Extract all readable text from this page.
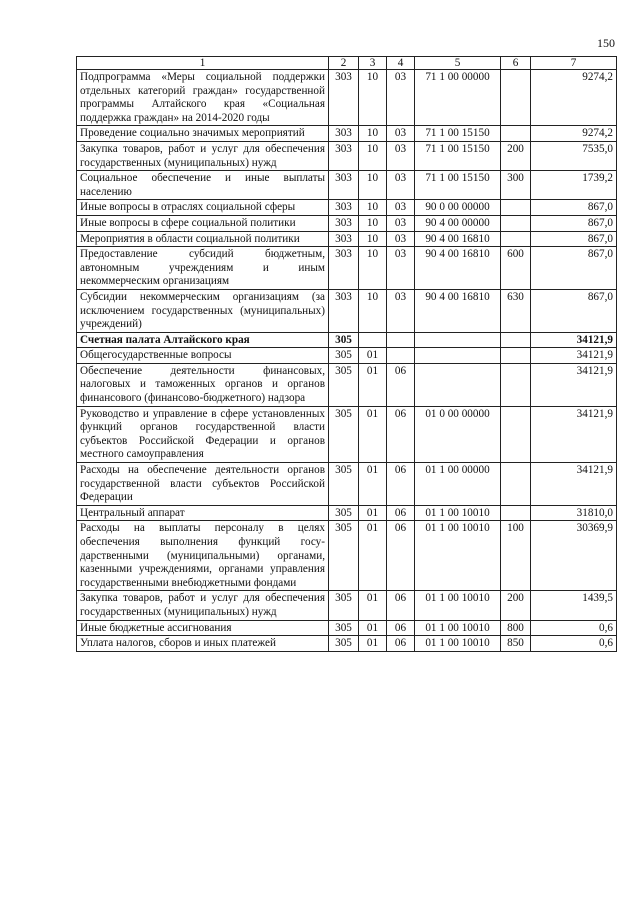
150
1	2	3	4	5	6	7
Подпрограмма «Меры социальной поддержки отдельных категорий граждан» государственной программы Алтайского края «Социальная поддержка граждан» на 2014-2020 годы	303	10	03	71 1 00 00000		9274,2
Проведение социально значимых мероприятий	303	10	03	71 1 00 15150		9274,2
Закупка товаров, работ и услуг для обеспечения государственных (муниципальных) нужд	303	10	03	71 1 00 15150	200	7535,0
Социальное обеспечение и иные выплаты населению	303	10	03	71 1 00 15150	300	1739,2
Иные вопросы в отраслях социальной сферы	303	10	03	90 0 00 00000		867,0
Иные вопросы в сфере социальной политики	303	10	03	90 4 00 00000		867,0
Мероприятия в области социальной политики	303	10	03	90 4 00 16810		867,0
Предоставление субсидий бюджетным, автономным учреждениям и иным некоммерческим организациям	303	10	03	90 4 00 16810	600	867,0
Субсидии некоммерческим организациям (за исключением государственных (муниципальных) учреждений)	303	10	03	90 4 00 16810	630	867,0
Счетная палата Алтайского края	305					34121,9
Общегосударственные вопросы	305	01				34121,9
Обеспечение деятельности финансовых, налоговых и таможенных органов и органов финансового (финансово-бюджетного) надзора	305	01	06			34121,9
Руководство и управление в сфере установленных функций органов государственной власти субъектов Российской Федерации и органов местного самоуправления	305	01	06	01 0 00 00000		34121,9
Расходы на обеспечение деятельности органов государственной власти субъектов Российской Федерации	305	01	06	01 1 00 00000		34121,9
Центральный аппарат	305	01	06	01 1 00 10010		31810,0
Расходы на выплаты персоналу в целях обеспечения выполнения функций государственными (муниципальными) органами, казенными учреждениями, органами управления государственными внебюджетными фондами	305	01	06	01 1 00 10010	100	30369,9
Закупка товаров, работ и услуг для обеспечения государственных (муниципальных) нужд	305	01	06	01 1 00 10010	200	1439,5
Иные бюджетные ассигнования	305	01	06	01 1 00 10010	800	0,6
Уплата налогов, сборов и иных платежей	305	01	06	01 1 00 10010	850	0,6
